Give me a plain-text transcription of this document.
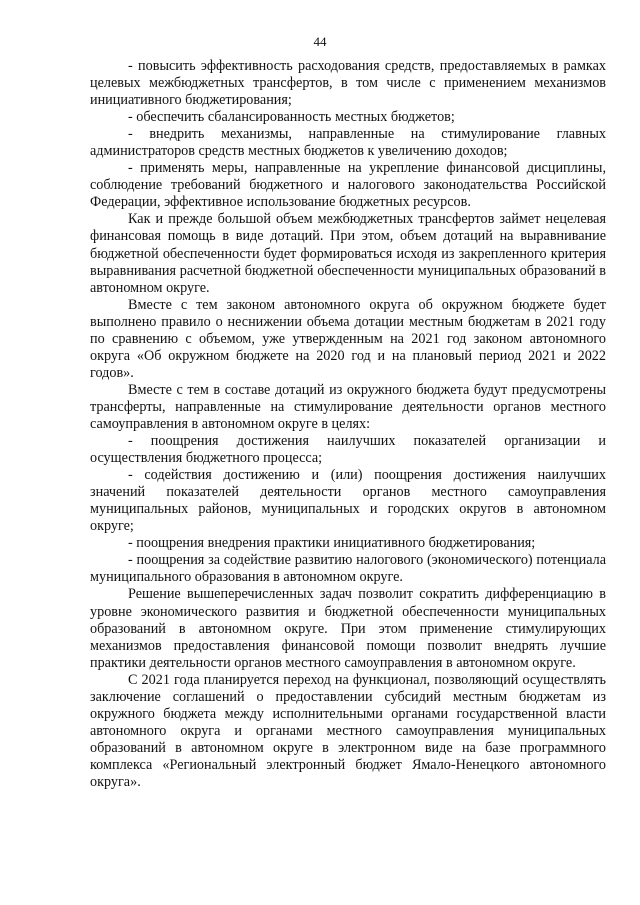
44

- повысить эффективность расходования средств, предоставляемых в рамках целевых межбюджетных трансфертов, в том числе с применением механизмов инициативного бюджетирования;

- обеспечить сбалансированность местных бюджетов;

- внедрить механизмы, направленные на стимулирование главных администраторов средств местных бюджетов к увеличению доходов;

- применять меры, направленные на укрепление финансовой дисциплины, соблюдение требований бюджетного и налогового законодательства Российской Федерации, эффективное использование бюджетных ресурсов.

Как и прежде большой объем межбюджетных трансфертов займет нецелевая финансовая помощь в виде дотаций. При этом, объем дотаций на выравнивание бюджетной обеспеченности будет формироваться исходя из закрепленного критерия выравнивания расчетной бюджетной обеспеченности муниципальных образований в автономном округе.

Вместе с тем законом автономного округа об окружном бюджете будет выполнено правило о неснижении объема дотации местным бюджетам в 2021 году по сравнению с объемом, уже утвержденным на 2021 год законом автономного округа «Об окружном бюджете на 2020 год и на плановый период 2021 и 2022 годов».

Вместе с тем в составе дотаций из окружного бюджета будут предусмотрены трансферты, направленные на стимулирование деятельности органов местного самоуправления в автономном округе в целях:

- поощрения достижения наилучших показателей организации и осуществления бюджетного процесса;

- содействия достижению и (или) поощрения достижения наилучших значений показателей деятельности органов местного самоуправления муниципальных районов, муниципальных и городских округов в автономном округе;

- поощрения внедрения практики инициативного бюджетирования;

- поощрения за содействие развитию налогового (экономического) потенциала муниципального образования в автономном округе.

Решение вышеперечисленных задач позволит сократить дифференциацию в уровне экономического развития и бюджетной обеспеченности муниципальных образований в автономном округе. При этом применение стимулирующих механизмов предоставления финансовой помощи позволит внедрять лучшие практики деятельности органов местного самоуправления в автономном округе.

С 2021 года планируется переход на функционал, позволяющий осуществлять заключение соглашений о предоставлении субсидий местным бюджетам из окружного бюджета между исполнительными органами государственной власти автономного округа и органами местного самоуправления муниципальных образований в автономном округе в электронном виде на базе программного комплекса «Региональный электронный бюджет Ямало-Ненецкого автономного округа».
